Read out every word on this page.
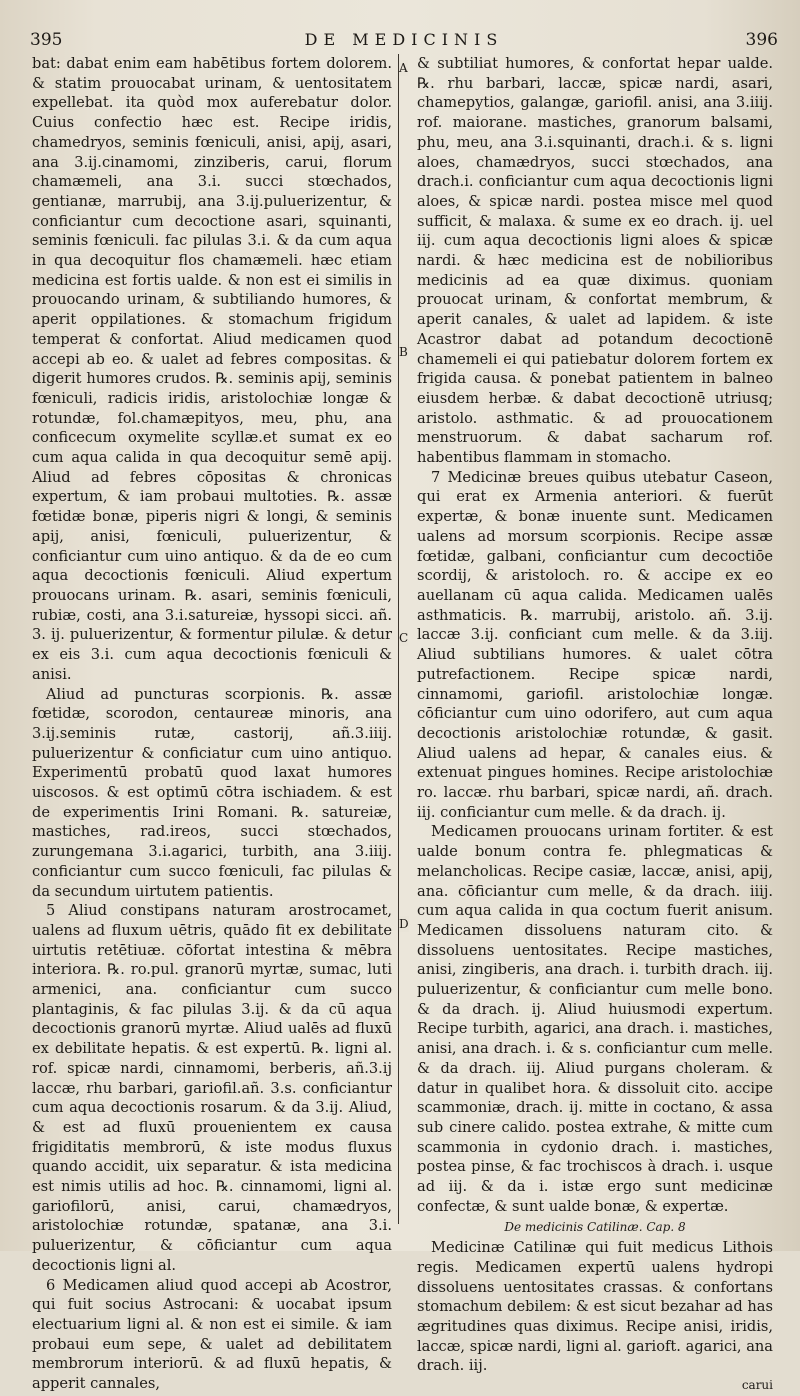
395	DE MEDICINIS	396

bat: dabat enim eam habētibus fortem dolorem. & statim prouocabat urinam, & uentositatem expellebat. ita quòd mox auferebatur dolor. Cuius confectio hæc est. Recipe iridis, chamedryos, seminis fœniculi, anisi, apij, asari, ana 3.ij.cinamomi, zinziberis, carui, florum chamæmeli, ana 3.i. succi stœchados, gentianæ, marrubij, ana 3.ij.puluerizentur, & conficiantur cum decoctione asari, squinanti, seminis fœniculi. fac pilulas 3.i. & da cum aqua in qua decoquitur flos chamæmeli. hæc etiam medicina est fortis ualde. & non est ei similis in prouocando urinam, & subtiliando humores, & aperit oppilationes. & stomachum frigidum temperat & confortat. Aliud medicamen quod accepi ab eo. & ualet ad febres compositas. & digerit humores crudos. ℞. seminis apij, seminis fœniculi, radicis iridis, aristolochiæ longæ & rotundæ, fol.chamæpityos, meu, phu, ana conficecum oxymelite scyllæ.et sumat ex eo cum aqua calida in qua decoquitur semē apij. Aliud ad febres cōpositas & chronicas expertum, & iam probaui multoties. ℞. assæ fœtidæ bonæ, piperis nigri & longi, & seminis apij, anisi, fœniculi, puluerizentur, & conficiantur cum uino antiquo. & da de eo cum aqua decoctionis fœniculi. Aliud expertum prouocans urinam. ℞. asari, seminis fœniculi, rubiæ, costi, ana 3.i.satureiæ, hyssopi sicci. añ. 3. ij. puluerizentur, & formentur pilulæ. & detur ex eis 3.i. cum aqua decoctionis fœniculi & anisi.

Aliud ad puncturas scorpionis. ℞. assæ fœtidæ, scorodon, centaureæ minoris, ana 3.ij.seminis rutæ, castorij, añ.3.iiij. puluerizentur & conficiatur cum uino antiquo. Experimentū probatū quod laxat humores uiscosos. & est optimū cōtra ischiadem. & est de experimentis Irini Romani. ℞. satureiæ, mastiches, rad.ireos, succi stœchados, zurungemana 3.i.agarici, turbith, ana 3.iiij. conficiantur cum succo fœniculi, fac pilulas & da secundum uirtutem patientis.

5 Aliud constipans naturam arostrocamet, ualens ad fluxum uētris, quādo fit ex debilitate uirtutis retētiuæ. cōfortat intestina & mēbra interiora. ℞. ro.pul. granorū myrtæ, sumac, luti armenici, ana. conficiantur cum succo plantaginis, & fac pilulas 3.ij. & da cū aqua decoctionis granorū myrtæ. Aliud ualēs ad fluxū ex debilitate hepatis. & est expertū. ℞. ligni al. rof. spicæ nardi, cinnamomi, berberis, añ.3.ij laccæ, rhu barbari, gariofil.añ. 3.s. conficiantur cum aqua decoctionis rosarum. & da 3.ij. Aliud, & est ad fluxū prouenientem ex causa frigiditatis membrorū, & iste modus fluxus quando accidit, uix separatur. & ista medicina est nimis utilis ad hoc. ℞. cinnamomi, ligni al. gariofilorū, anisi, carui, chamædryos, aristolochiæ rotundæ, spatanæ, ana 3.i. puluerizentur, & cōficiantur cum aqua decoctionis ligni al.

6 Medicamen aliud quod accepi ab Acostror, qui fuit socius Astrocani: & uocabat ipsum electuarium ligni al. & non est ei simile. & iam probaui eum sepe, & ualet ad debilitatem membrorum interiorū. & ad fluxū hepatis, & apperit cannales,

A
B
C
D

& subtiliat humores, & confortat hepar ualde. ℞. rhu barbari, laccæ, spicæ nardi, asari, chamepytios, galangæ, gariofil. anisi, ana 3.iiij. rof. maiorane. mastiches, granorum balsami, phu, meu, ana 3.i.squinanti, drach.i. & s. ligni aloes, chamædryos, succi stœchados, ana drach.i. conficiantur cum aqua decoctionis ligni aloes, & spicæ nardi. postea misce mel quod sufficit, & malaxa. & sume ex eo drach. ij. uel iij. cum aqua decoctionis ligni aloes & spicæ nardi. & hæc medicina est de nobilioribus medicinis ad ea quæ diximus. quoniam prouocat urinam, & confortat membrum, & aperit canales, & ualet ad lapidem. & iste Acastror dabat ad potandum decoctionē chamemeli ei qui patiebatur dolorem fortem ex frigida causa. & ponebat patientem in balneo eiusdem herbæ. & dabat decoctionē utriusq; aristolo. asthmatic. & ad prouocationem menstruorum. & dabat sacharum rof. habentibus flammam in stomacho.

7 Medicinæ breues quibus utebatur Caseon, qui erat ex Armenia anteriori. & fuerūt expertæ, & bonæ inuente sunt. Medicamen ualens ad morsum scorpionis. Recipe assæ fœtidæ, galbani, conficiantur cum decoctiōe scordij, & aristoloch. ro. & accipe ex eo auellanam cū aqua calida. Medicamen ualēs asthmaticis. ℞. marrubij, aristolo. añ. 3.ij. laccæ 3.ij. conficiant cum melle. & da 3.iij. Aliud subtilians humores. & ualet cōtra putrefactionem. Recipe spicæ nardi, cinnamomi, gariofil. aristolochiæ longæ. cōficiantur cum uino odorifero, aut cum aqua decoctionis aristolochiæ rotundæ, & gasit. Aliud ualens ad hepar, & canales eius. & extenuat pingues homines. Recipe aristolochiæ ro. laccæ. rhu barbari, spicæ nardi, añ. drach. iij. conficiantur cum melle. & da drach. ij.

Medicamen prouocans urinam fortiter. & est ualde bonum contra fe. phlegmaticas & melancholicas. Recipe casiæ, laccæ, anisi, apij, ana. cōficiantur cum melle, & da drach. iiij. cum aqua calida in qua coctum fuerit anisum. Medicamen dissoluens naturam cito. & dissoluens uentositates. Recipe mastiches, anisi, zingiberis, ana drach. i. turbith drach. iij. puluerizentur, & conficiantur cum melle bono. & da drach. ij. Aliud huiusmodi expertum. Recipe turbith, agarici, ana drach. i. mastiches, anisi, ana drach. i. & s. conficiantur cum melle. & da drach. iij. Aliud purgans choleram. & datur in qualibet hora. & dissoluit cito. accipe scammoniæ, drach. ij. mitte in coctano, & assa sub cinere calido. postea extrahe, & mitte cum scammonia in cydonio drach. i. mastiches, postea pinse, & fac trochiscos à drach. i. usque ad iij. & da i. istæ ergo sunt medicinæ confectæ, & sunt ualde bonæ, & expertæ.

De medicinis Catilinæ. Cap. 8

Medicinæ Catilinæ qui fuit medicus Lithois regis. Medicamen expertū ualens hydropi dissoluens uentositates crassas. & confortans stomachum debilem: & est sicut bezahar ad has ægritudines quas diximus. Recipe anisi, iridis, laccæ, spicæ nardi, ligni al. garioft. agarici, ana drach. iij.

carui
